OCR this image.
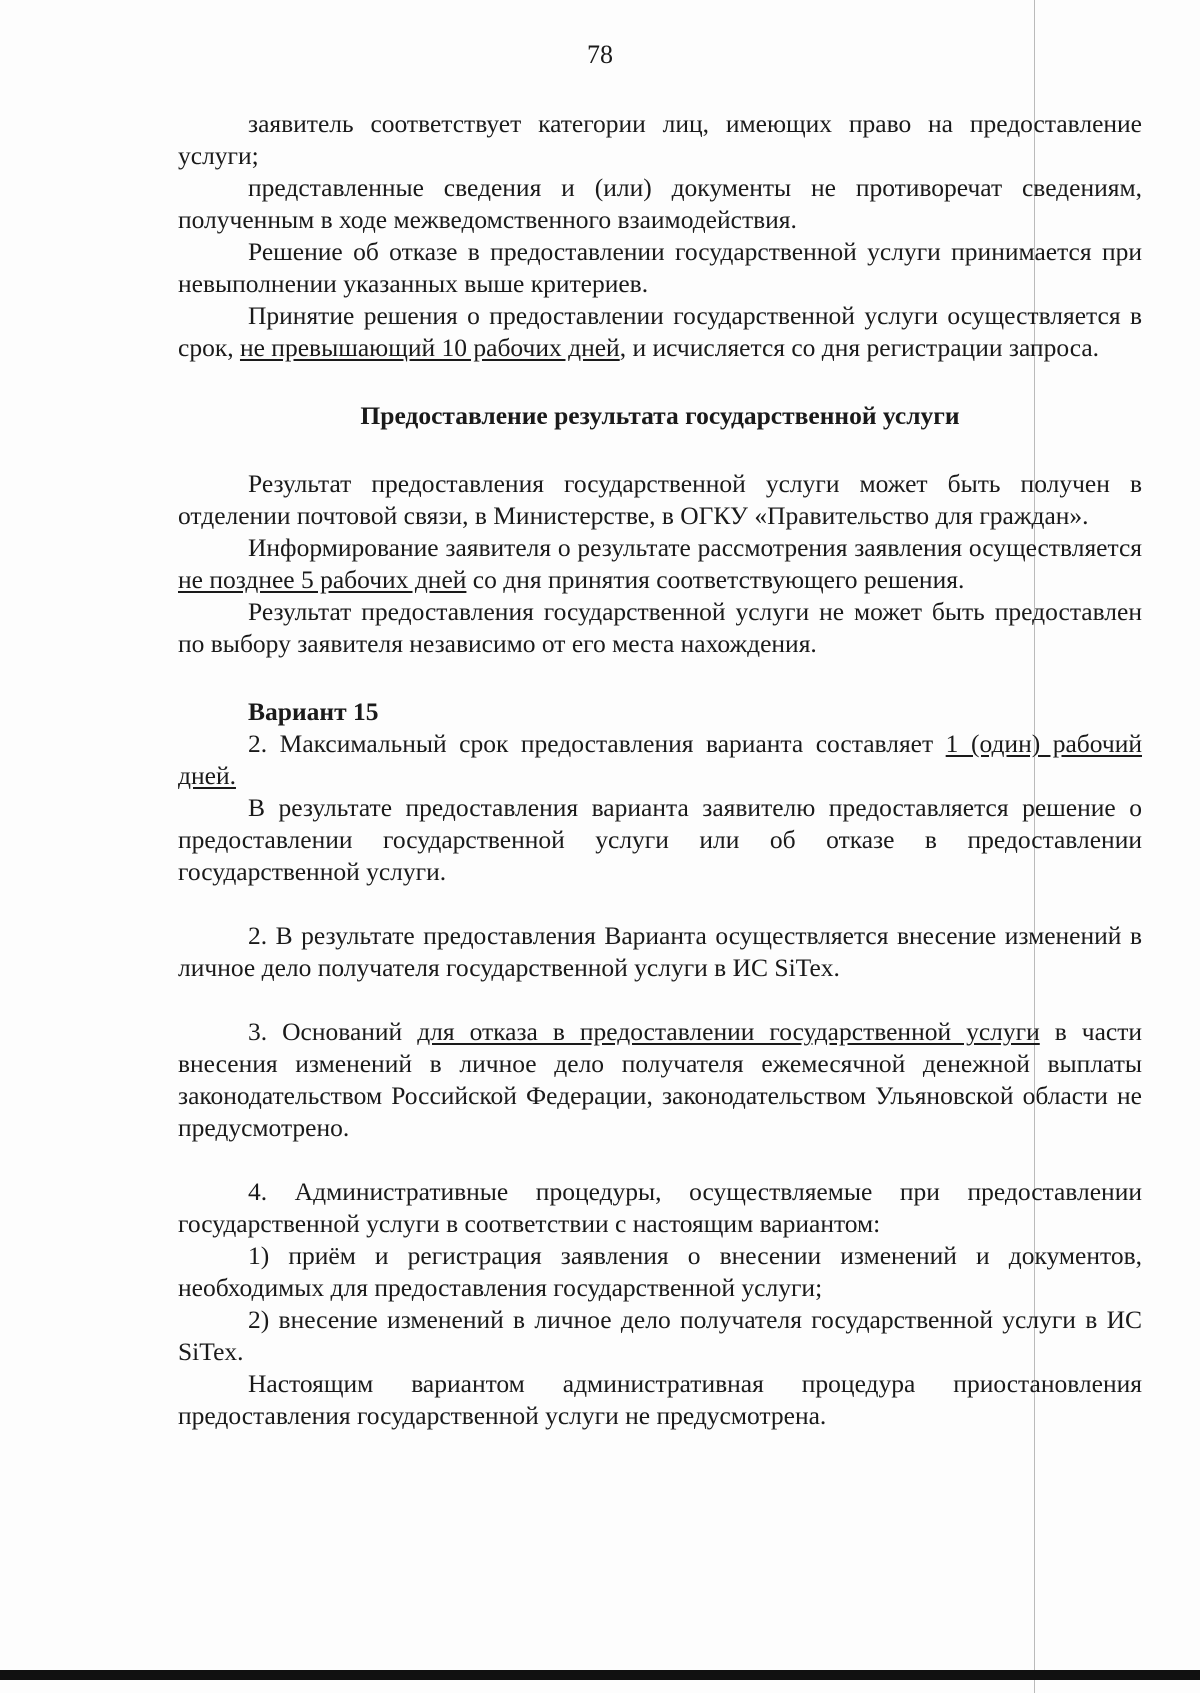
78

заявитель соответствует категории лиц, имеющих право на предоставление услуги;

представленные сведения и (или) документы не противоречат сведениям, полученным в ходе межведомственного взаимодействия.

Решение об отказе в предоставлении государственной услуги принимается при невыполнении указанных выше критериев.

Принятие решения о предоставлении государственной услуги осуществляется в срок, не превышающий 10 рабочих дней, и исчисляется со дня регистрации запроса.

Предоставление результата государственной услуги

Результат предоставления государственной услуги может быть получен в отделении почтовой связи, в Министерстве, в ОГКУ «Правительство для граждан».

Информирование заявителя о результате рассмотрения заявления осуществляется не позднее 5 рабочих дней со дня принятия соответствующего решения.

Результат предоставления государственной услуги не может быть предоставлен по выбору заявителя независимо от его места нахождения.

Вариант 15

2. Максимальный срок предоставления варианта составляет 1 (один) рабочий дней.

В результате предоставления варианта заявителю предоставляется решение о предоставлении государственной услуги или об отказе в предоставлении государственной услуги.

2. В результате предоставления Варианта осуществляется внесение изменений в личное дело получателя государственной услуги в ИС SiTex.

3. Оснований для отказа в предоставлении государственной услуги в части внесения изменений в личное дело получателя ежемесячной денежной выплаты законодательством Российской Федерации, законодательством Ульяновской области не предусмотрено.

4. Административные процедуры, осуществляемые при предоставлении государственной услуги в соответствии с настоящим вариантом:

1) приём и регистрация заявления о внесении изменений и документов, необходимых для предоставления государственной услуги;

2) внесение изменений в личное дело получателя государственной услуги в ИС SiTex.

Настоящим вариантом административная процедура приостановления предоставления государственной услуги не предусмотрена.
